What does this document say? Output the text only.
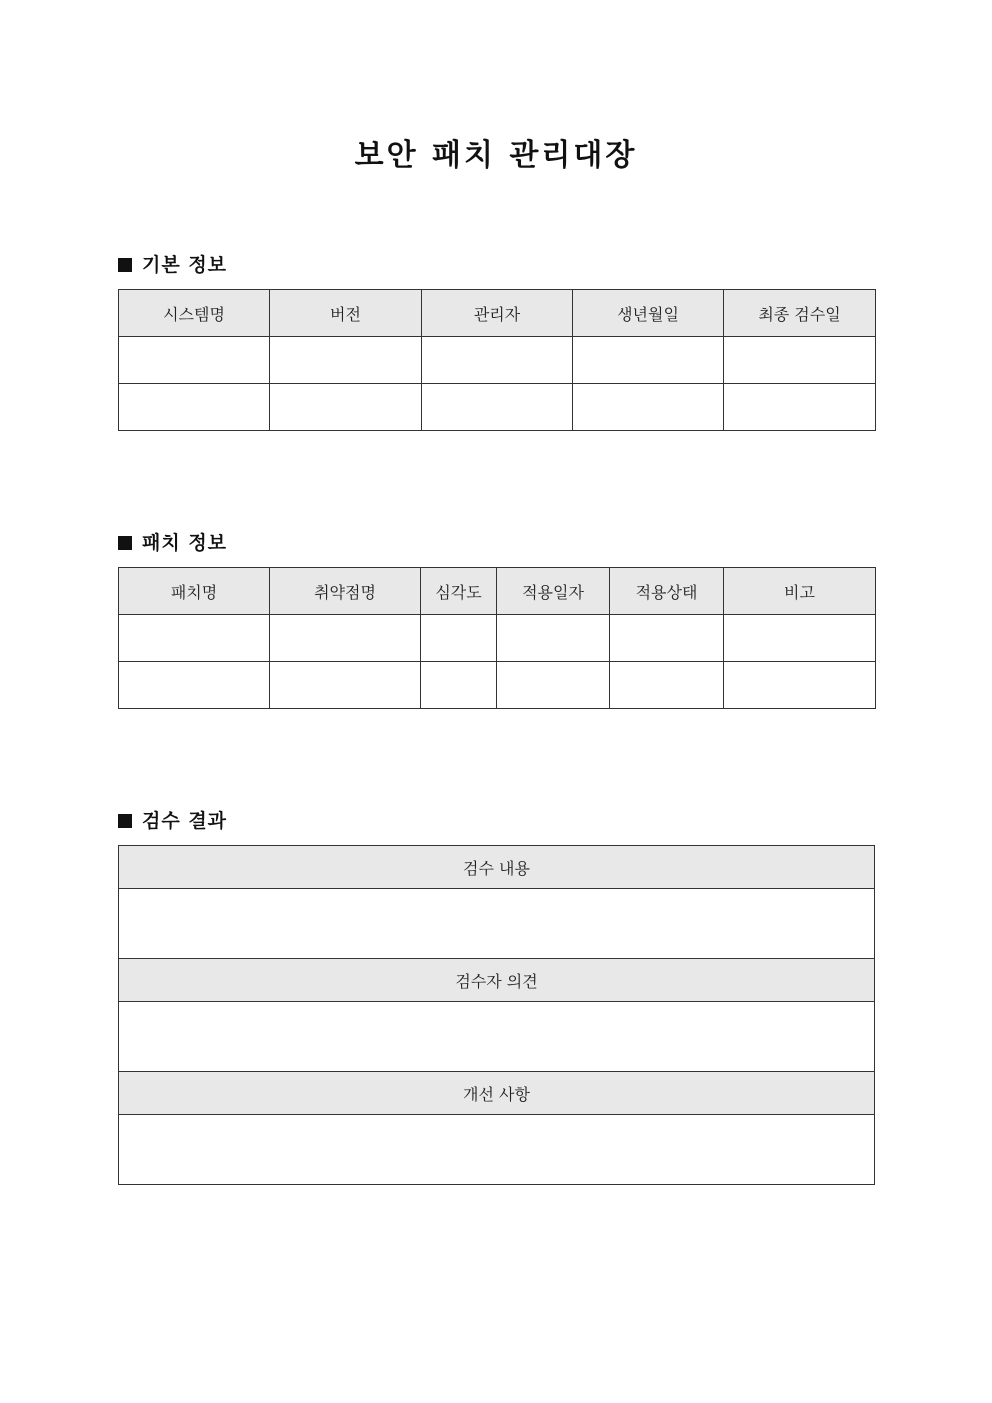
보안 패치 관리대장
기본 정보
시스템명	버전	관리자	생년월일	최종 검수일

패치 정보
패치명	취약점명	심각도	적용일자	적용상태	비고

검수 결과
검수 내용

검수자 의견

개선 사항
